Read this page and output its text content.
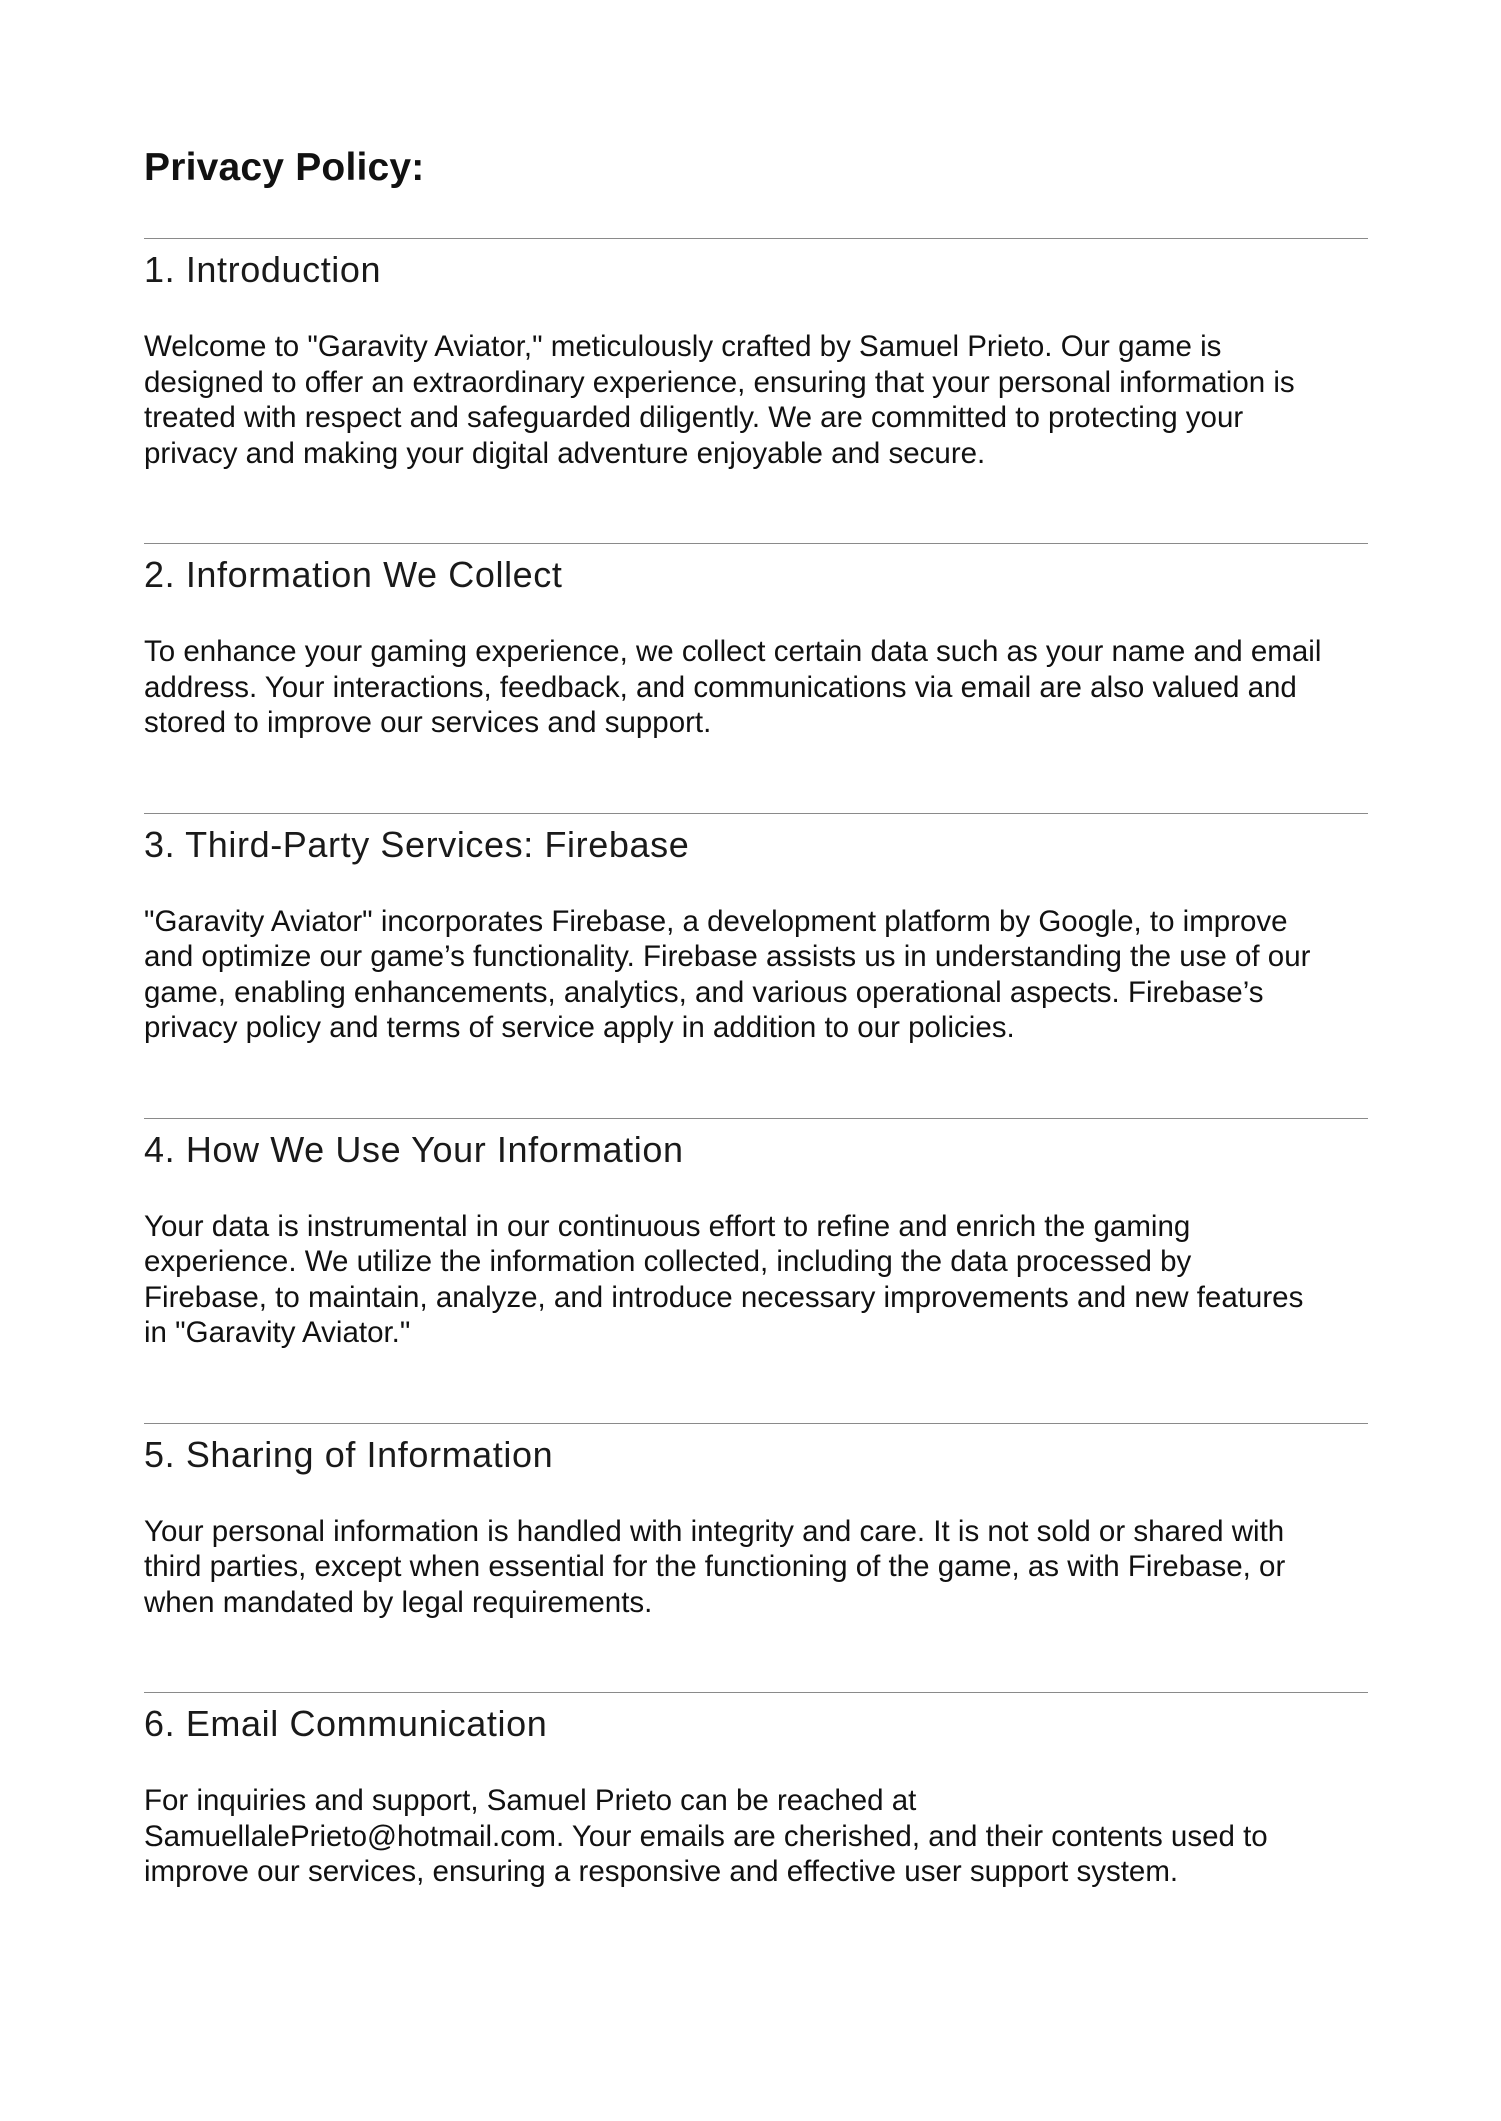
Privacy Policy:
1. Introduction

Welcome to "Garavity Aviator," meticulously crafted by Samuel Prieto. Our game is
designed to offer an extraordinary experience, ensuring that your personal information is
treated with respect and safeguarded diligently. We are committed to protecting your
privacy and making your digital adventure enjoyable and secure.

2. Information We Collect

To enhance your gaming experience, we collect certain data such as your name and email
address. Your interactions, feedback, and communications via email are also valued and
stored to improve our services and support.

3. Third-Party Services: Firebase

"Garavity Aviator" incorporates Firebase, a development platform by Google, to improve
and optimize our game’s functionality. Firebase assists us in understanding the use of our
game, enabling enhancements, analytics, and various operational aspects. Firebase’s
privacy policy and terms of service apply in addition to our policies.

4. How We Use Your Information

Your data is instrumental in our continuous effort to refine and enrich the gaming
experience. We utilize the information collected, including the data processed by
Firebase, to maintain, analyze, and introduce necessary improvements and new features
in "Garavity Aviator."

5. Sharing of Information

Your personal information is handled with integrity and care. It is not sold or shared with
third parties, except when essential for the functioning of the game, as with Firebase, or
when mandated by legal requirements.

6. Email Communication

For inquiries and support, Samuel Prieto can be reached at
SamuellalePrieto@hotmail.com. Your emails are cherished, and their contents used to
improve our services, ensuring a responsive and effective user support system.
